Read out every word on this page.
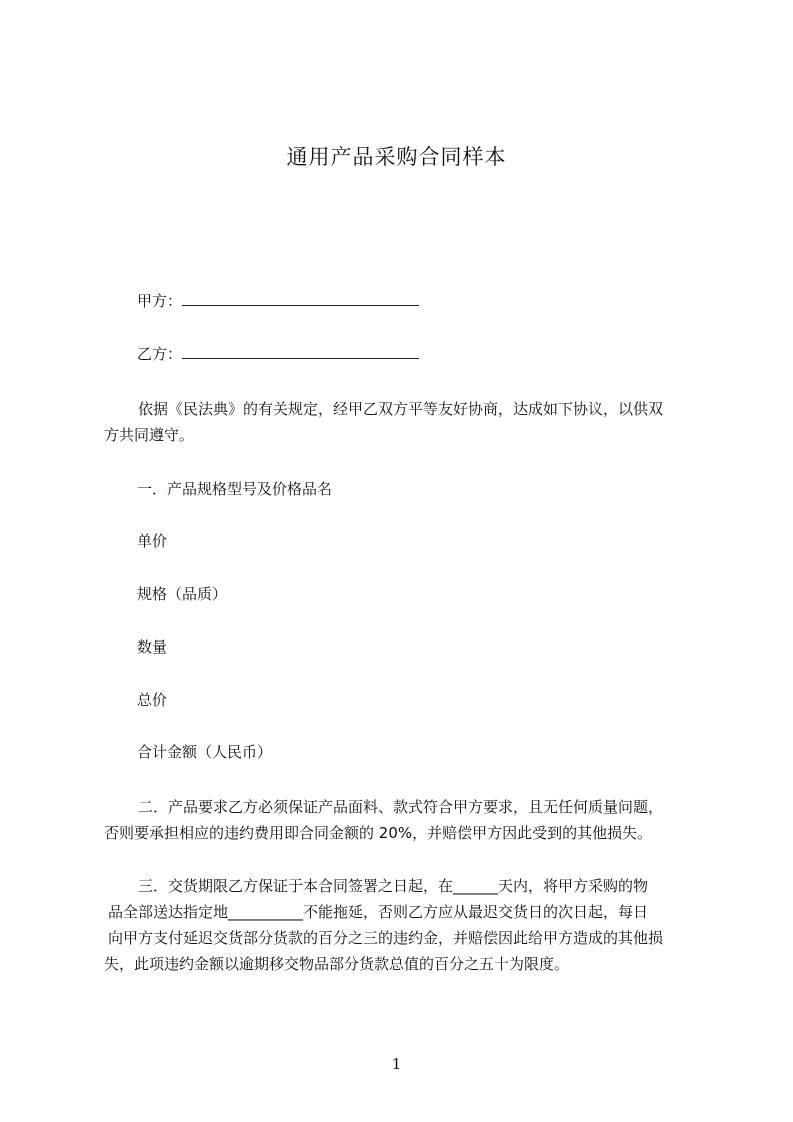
通用产品采购合同样本
甲方：
乙方：
依据《民法典》的有关规定，经甲乙双方平等友好协商，达成如下协议，以供双
方共同遵守。
一．产品规格型号及价格品名
单价
规格（品质）
数量
总价
合计金额（人民币）
二．产品要求乙方必须保证产品面料、款式符合甲方要求，且无任何质量问题，
否则要承担相应的违约费用即合同金额的 20%，并赔偿甲方因此受到的其他损失。
三．交货期限乙方保证于本合同签署之日起，在______天内，将甲方采购的物
品全部送达指定地__________不能拖延，否则乙方应从最迟交货日的次日起，每日
向甲方支付延迟交货部分货款的百分之三的违约金，并赔偿因此给甲方造成的其他损
失，此项违约金额以逾期移交物品部分货款总值的百分之五十为限度。
1
